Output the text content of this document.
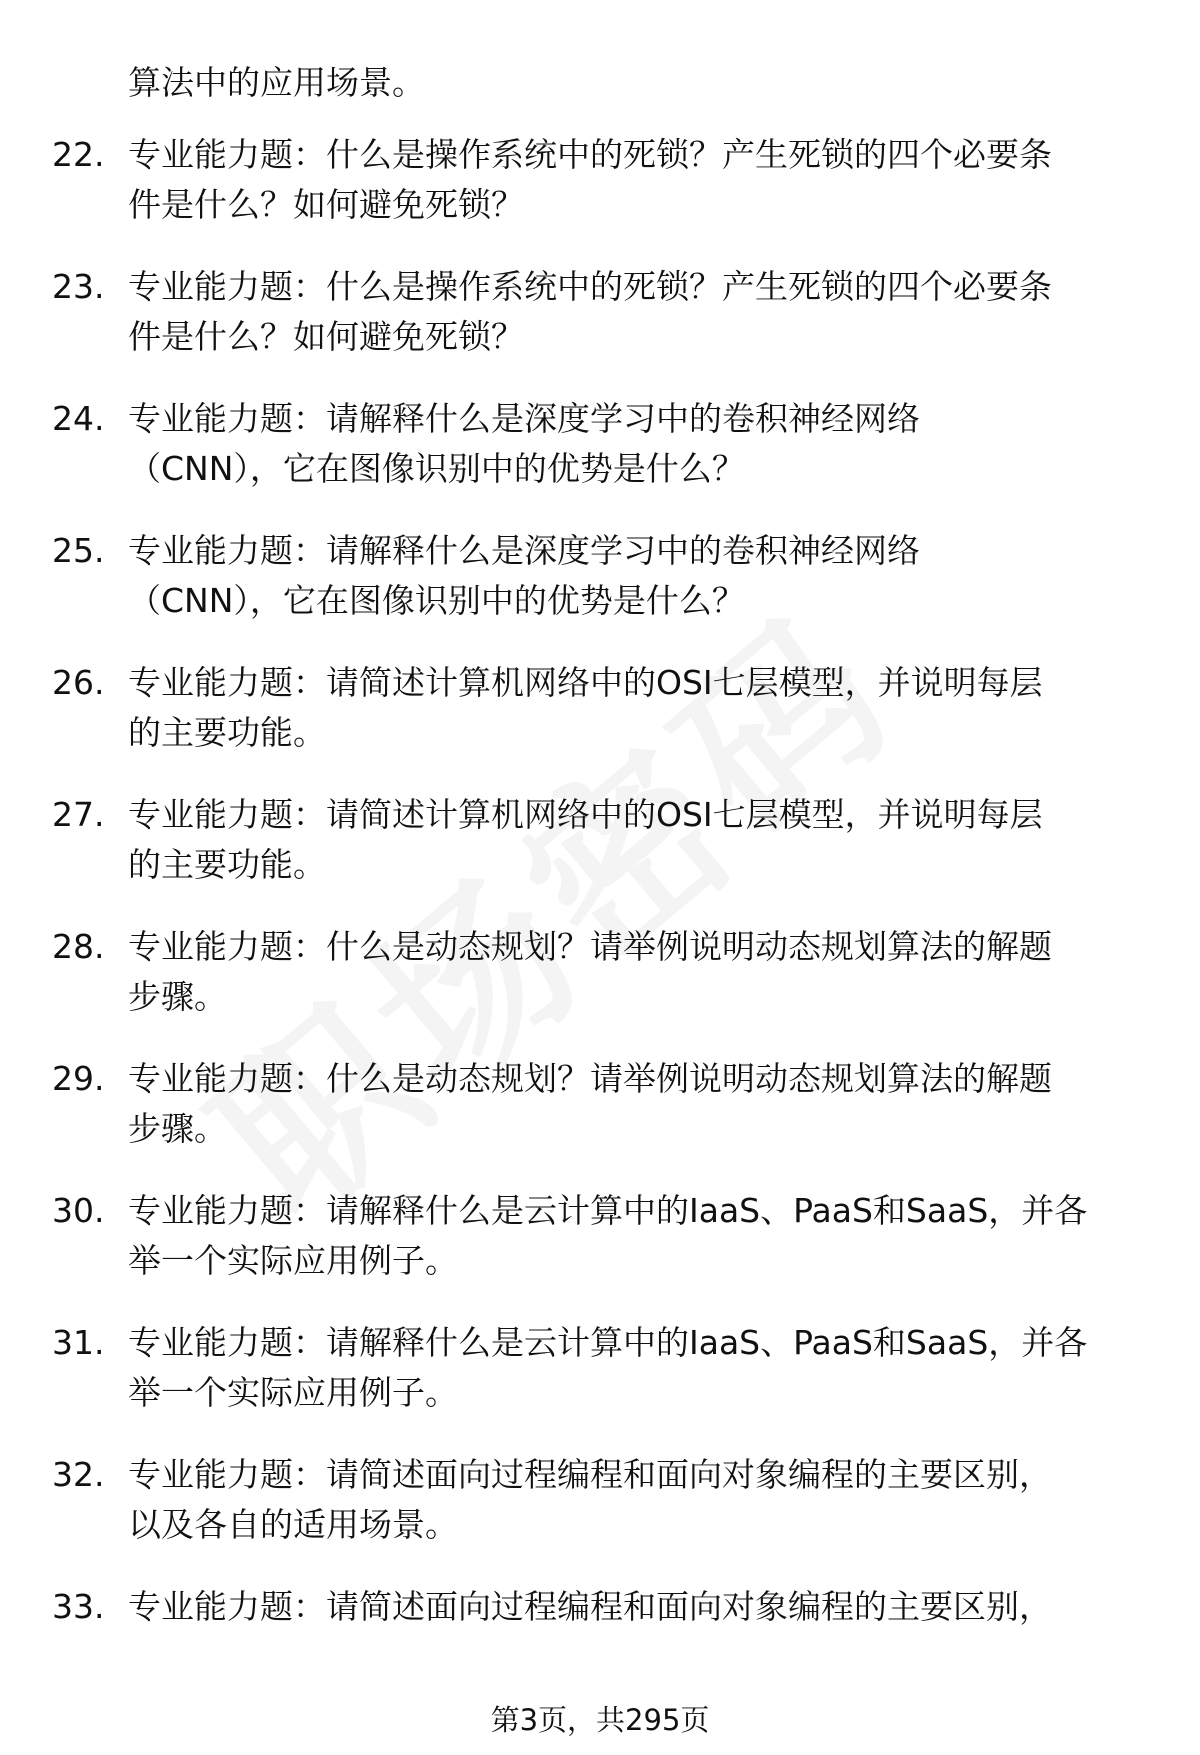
算法中的应用场景。
22. 专业能力题：什么是操作系统中的死锁？产生死锁的四个必要条
件是什么？如何避免死锁？
23. 专业能力题：什么是操作系统中的死锁？产生死锁的四个必要条
件是什么？如何避免死锁？
24. 专业能力题：请解释什么是深度学习中的卷积神经网络
（CNN），它在图像识别中的优势是什么？
25. 专业能力题：请解释什么是深度学习中的卷积神经网络
（CNN），它在图像识别中的优势是什么？
26. 专业能力题：请简述计算机网络中的OSI七层模型，并说明每层
的主要功能。
27. 专业能力题：请简述计算机网络中的OSI七层模型，并说明每层
的主要功能。
28. 专业能力题：什么是动态规划？请举例说明动态规划算法的解题
步骤。
29. 专业能力题：什么是动态规划？请举例说明动态规划算法的解题
步骤。
30. 专业能力题：请解释什么是云计算中的IaaS、PaaS和SaaS，并各
举一个实际应用例子。
31. 专业能力题：请解释什么是云计算中的IaaS、PaaS和SaaS，并各
举一个实际应用例子。
32. 专业能力题：请简述面向过程编程和面向对象编程的主要区别，
以及各自的适用场景。
33. 专业能力题：请简述面向过程编程和面向对象编程的主要区别，
第3页，共295页
